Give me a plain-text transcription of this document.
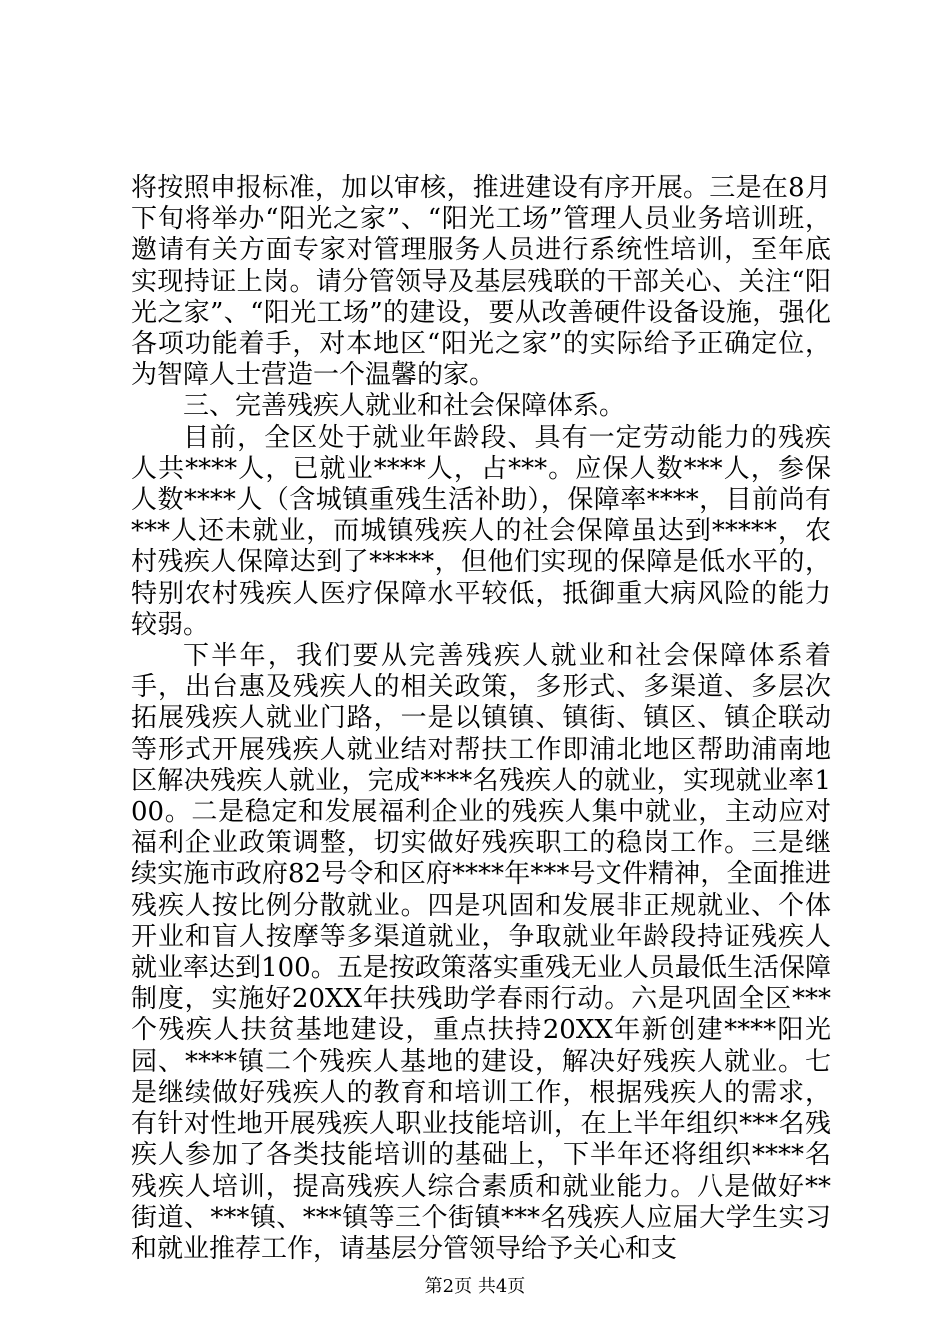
将按照申报标准，加以审核，推进建设有序开展。三是在8月下旬将举办“阳光之家”、“阳光工场”管理人员业务培训班，邀请有关方面专家对管理服务人员进行系统性培训，至年底实现持证上岗。请分管领导及基层残联的干部关心、关注“阳光之家”、“阳光工场”的建设，要从改善硬件设备设施，强化各项功能着手，对本地区“阳光之家”的实际给予正确定位，为智障人士营造一个温馨的家。

三、完善残疾人就业和社会保障体系。

目前，全区处于就业年龄段、具有一定劳动能力的残疾人共****人，已就业****人，占***。应保人数***人，参保人数****人（含城镇重残生活补助），保障率****，目前尚有***人还未就业，而城镇残疾人的社会保障虽达到*****，农村残疾人保障达到了*****，但他们实现的保障是低水平的，特别农村残疾人医疗保障水平较低，抵御重大病风险的能力较弱。

下半年，我们要从完善残疾人就业和社会保障体系着手，出台惠及残疾人的相关政策，多形式、多渠道、多层次拓展残疾人就业门路，一是以镇镇、镇街、镇区、镇企联动等形式开展残疾人就业结对帮扶工作即浦北地区帮助浦南地区解决残疾人就业，完成****名残疾人的就业，实现就业率100。二是稳定和发展福利企业的残疾人集中就业，主动应对福利企业政策调整，切实做好残疾职工的稳岗工作。三是继续实施市政府82号令和区府****年***号文件精神，全面推进残疾人按比例分散就业。四是巩固和发展非正规就业、个体开业和盲人按摩等多渠道就业，争取就业年龄段持证残疾人就业率达到100。五是按政策落实重残无业人员最低生活保障制度，实施好20XX年扶残助学春雨行动。六是巩固全区***个残疾人扶贫基地建设，重点扶持20XX年新创建****阳光园、****镇二个残疾人基地的建设，解决好残疾人就业。七是继续做好残疾人的教育和培训工作，根据残疾人的需求，有针对性地开展残疾人职业技能培训，在上半年组织***名残疾人参加了各类技能培训的基础上，下半年还将组织****名残疾人培训，提高残疾人综合素质和就业能力。八是做好**街道、***镇、***镇等三个街镇***名残疾人应届大学生实习和就业推荐工作，请基层分管领导给予关心和支

第2页 共4页
